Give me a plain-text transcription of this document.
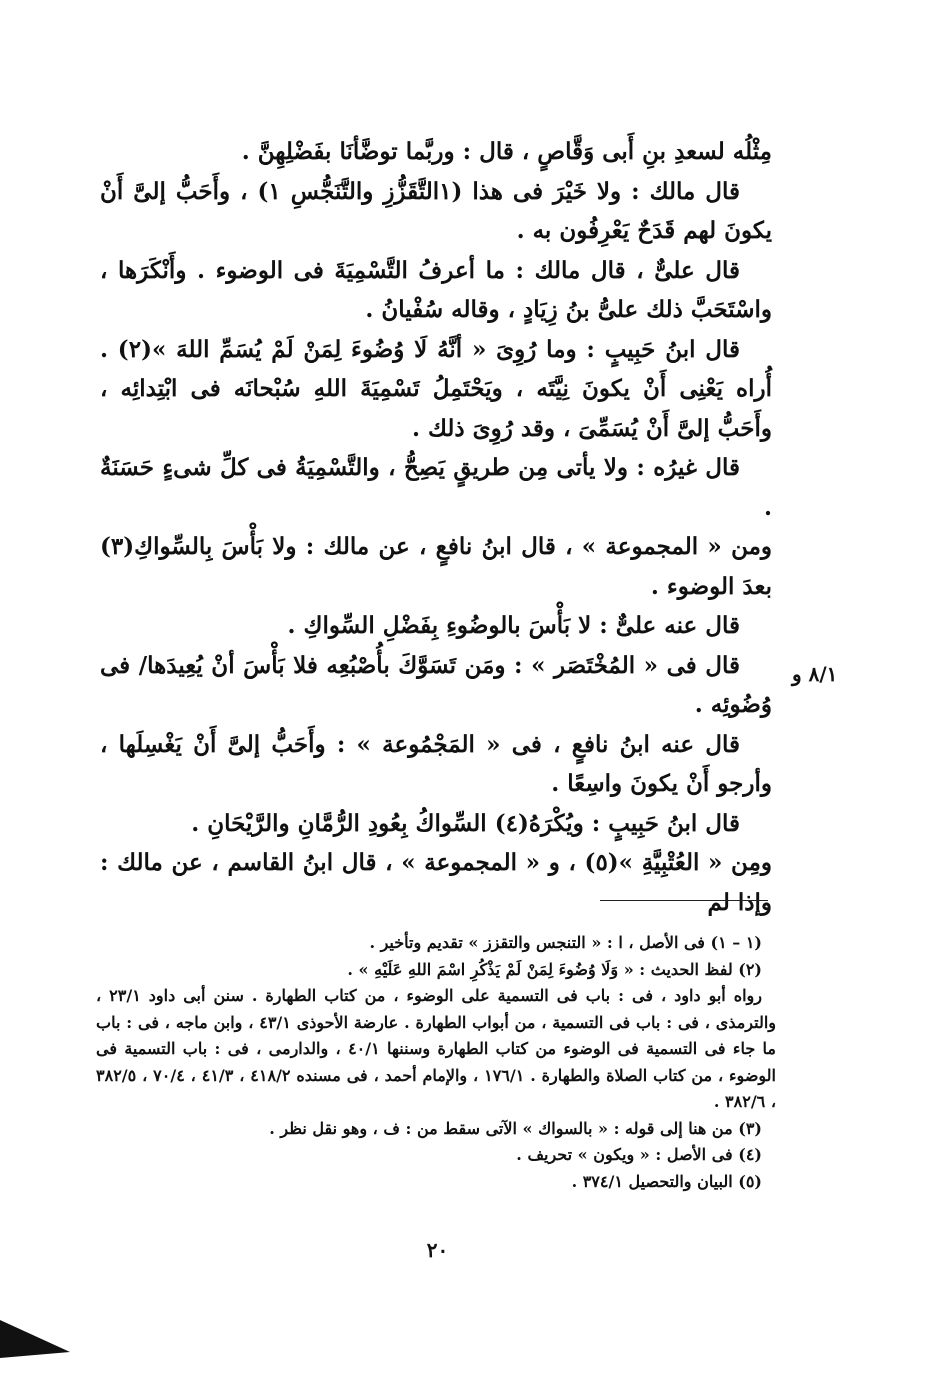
مِثْلُه لسعدِ بنِ أَبى وَقَّاصٍ ، قال : وربَّما توضَّأنَا بفَضْلِهِنَّ .

قال مالك : ولا خَيْرَ فى هذا (١التَّقَزُّزِ والتَّنَجُّسِ ١) ، وأَحَبُّ إلىَّ أَنْ يكونَ لهم قَدَحٌ يَعْرِفُون به .

قال علىٌّ ، قال مالك : ما أعرفُ التَّسْمِيَةَ فى الوضوء . وأَنْكَرَها ، واسْتَحَبَّ ذلك علىُّ بنُ زِيَادٍ ، وقاله سُفْيانُ .

قال ابنُ حَبِيبٍ : وما رُوِىَ « أنَّهُ لَا وُضُوءَ لِمَنْ لَمْ يُسَمِّ اللهَ »(٢) . أُراه يَعْنِى أَنْ يكونَ نِيَّتَه ، ويَحْتَمِلُ تَسْمِيَةَ اللهِ سُبْحانَه فى ابْتِدائِه ، وأَحَبُّ إلىَّ أَنْ يُسَمِّىَ ، وقد رُوِىَ ذلك .

قال غيرُه : ولا يأتى مِن طريقٍ يَصِحُّ ، والتَّسْمِيَةُ فى كلِّ شىءٍ حَسَنَةٌ .

ومن « المجموعة » ، قال ابنُ نافعٍ ، عن مالك : ولا بَأْسَ بِالسِّواكِ(٣) بعدَ الوضوء .

قال عنه علىٌّ : لا بَأْسَ بالوضُوءِ بِفَضْلِ السِّواكِ .

قال فى « المُخْتَصَر » : ومَن تَسَوَّكَ بأُصْبُعِه فلا بَأْسَ أنْ يُعِيدَها/ فى وُضُوئِه .

قال عنه ابنُ نافعٍ ، فى « المَجْمُوعة » : وأَحَبُّ إلىَّ أَنْ يَغْسِلَها ، وأرجو أَنْ يكونَ واسِعًا .

قال ابنُ حَبِيبٍ : ويُكْرَهُ(٤) السِّواكُ بِعُودِ الرُّمَّانِ والرَّيْحَانِ .

ومِن « العُتْبِيَّةِ »(٥) ، و « المجموعة » ، قال ابنُ القاسم ، عن مالك : وإذا لم

٨/١ و

(١ – ١) فى الأصل ، ا : « التنجس والتقزز » تقديم وتأخير .

(٢) لفظ الحديث : « وَلَا وُضُوءَ لِمَنْ لَمْ يَذْكُرِ اسْمَ اللهِ عَلَيْهِ » .

رواه أبو داود ، فى : باب فى التسمية على الوضوء ، من كتاب الطهارة . سنن أبى داود ٢٣/١ ، والترمذى ، فى : باب فى التسمية ، من أبواب الطهارة . عارضة الأحوذى ٤٣/١ ، وابن ماجه ، فى : باب ما جاء فى التسمية فى الوضوء من كتاب الطهارة وسننها ٤٠/١ ، والدارمى ، فى : باب التسمية فى الوضوء ، من كتاب الصلاة والطهارة . ١٧٦/١ ، والإمام أحمد ، فى مسنده ٤١٨/٢ ، ٤١/٣ ، ٧٠/٤ ، ٣٨٢/٥ ، ٣٨٢/٦ .

(٣) من هنا إلى قوله : « بالسواك » الآتى سقط من : ف ، وهو نقل نظر .

(٤) فى الأصل : « ويكون » تحريف .

(٥) البيان والتحصيل ٣٧٤/١ .

٢٠
